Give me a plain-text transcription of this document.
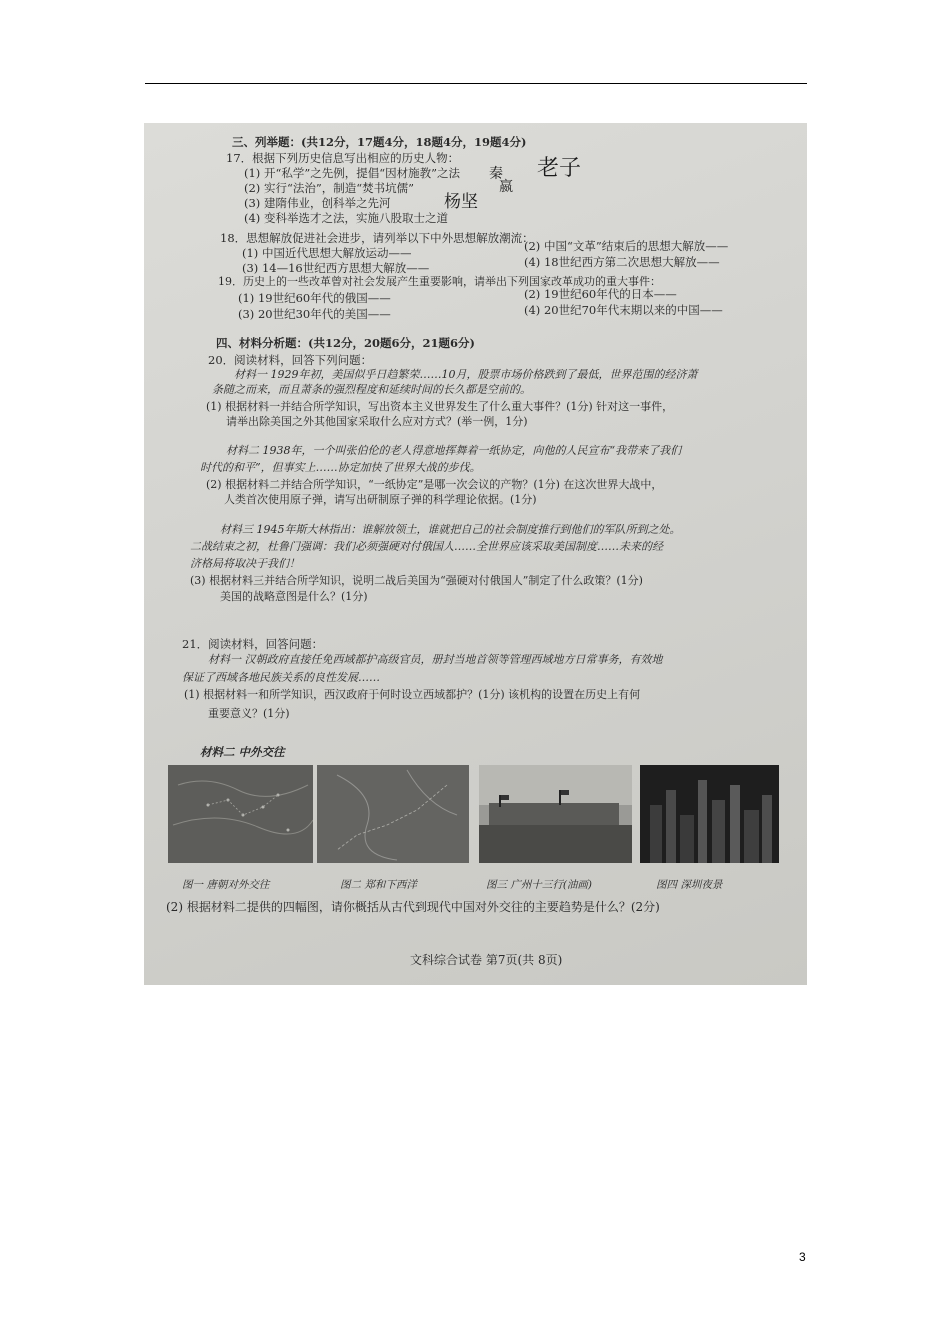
三、列举题：(共12分，17题4分，18题4分，19题4分)
17．根据下列历史信息写出相应的历史人物：
(1) 开“私学”之先例，提倡“因材施教”之法
(2) 实行“法治”，制造“焚书坑儒”
(3) 建隋伟业，创科举之先河
(4) 变科举选才之法，实施八股取士之道
老子
秦
嬴
杨坚
18．思想解放促进社会进步，请列举以下中外思想解放潮流：
(1) 中国近代思想大解放运动——	(2) 中国“文革”结束后的思想大解放——
(3) 14—16世纪西方思想大解放——	(4) 18世纪西方第二次思想大解放——
19．历史上的一些改革曾对社会发展产生重要影响，请举出下列国家改革成功的重大事件：
(1) 19世纪60年代的俄国——	(2) 19世纪60年代的日本——
(3) 20世纪30年代的美国——	(4) 20世纪70年代末期以来的中国——
四、材料分析题：(共12分，20题6分，21题6分)
20．阅读材料，回答下列问题：
材料一 1929年初，美国似乎日趋繁荣……10月，股票市场价格跌到了最低，世界范围的经济萧
条随之而来，而且萧条的强烈程度和延续时间的长久都是空前的。
(1) 根据材料一并结合所学知识，写出资本主义世界发生了什么重大事件？(1分) 针对这一事件，
请举出除美国之外其他国家采取什么应对方式？(举一例，1分)
材料二 1938年，一个叫张伯伦的老人得意地挥舞着一纸协定，向他的人民宣布“我带来了我们
时代的和平”，但事实上……协定加快了世界大战的步伐。
(2) 根据材料二并结合所学知识，“一纸协定”是哪一次会议的产物？(1分) 在这次世界大战中，
人类首次使用原子弹，请写出研制原子弹的科学理论依据。(1分)
材料三 1945年斯大林指出：谁解放领土，谁就把自己的社会制度推行到他们的军队所到之处。
二战结束之初，杜鲁门强调：我们必须强硬对付俄国人……全世界应该采取美国制度……未来的经
济格局将取决于我们！
(3) 根据材料三并结合所学知识，说明二战后美国为“强硬对付俄国人”制定了什么政策？(1分)
美国的战略意图是什么？(1分)
21．阅读材料，回答问题：
材料一 汉朝政府直接任免西域都护高级官员，册封当地首领等管理西域地方日常事务，有效地
保证了西域各地民族关系的良性发展……
(1) 根据材料一和所学知识，西汉政府于何时设立西域都护？(1分) 该机构的设置在历史上有何
重要意义？(1分)
材料二 中外交往
图一 唐朝对外交往	图二 郑和下西洋	图三 广州十三行(油画)	图四 深圳夜景
(2) 根据材料二提供的四幅图，请你概括从古代到现代中国对外交往的主要趋势是什么？(2分)
文科综合试卷 第7页(共 8页)
3
